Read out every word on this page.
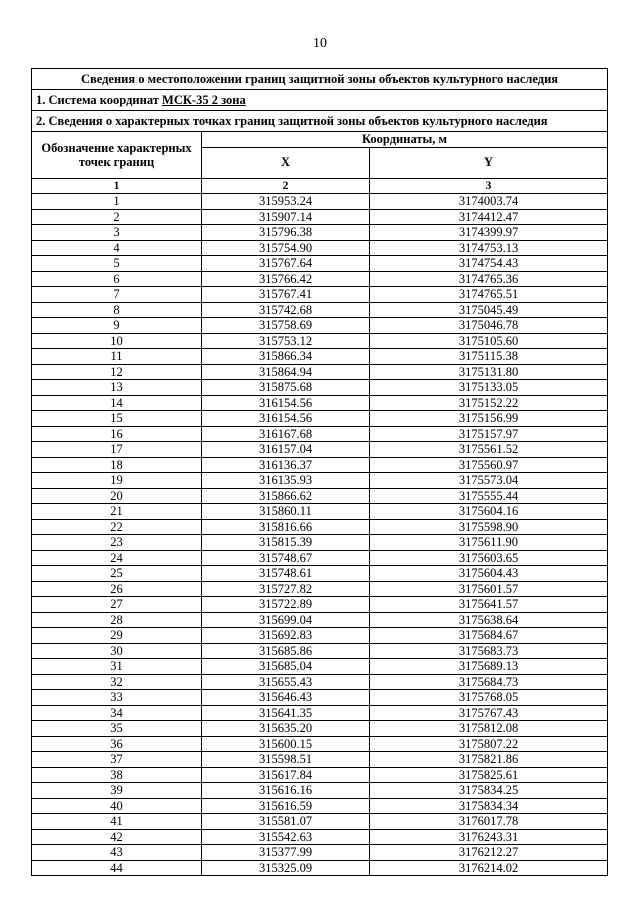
10
Сведения о местоположении границ защитной зоны объектов культурного наследия		
1. Система координат МСК-35 2 зона		
2. Сведения о характерных точках границ защитной зоны объектов культурного наследия		
Обозначение характерных точек границ	Координаты, м	
	X	Y
1	2	3
1	315953.24	3174003.74
2	315907.14	3174412.47
3	315796.38	3174399.97
4	315754.90	3174753.13
5	315767.64	3174754.43
6	315766.42	3174765.36
7	315767.41	3174765.51
8	315742.68	3175045.49
9	315758.69	3175046.78
10	315753.12	3175105.60
11	315866.34	3175115.38
12	315864.94	3175131.80
13	315875.68	3175133.05
14	316154.56	3175152.22
15	316154.56	3175156.99
16	316167.68	3175157.97
17	316157.04	3175561.52
18	316136.37	3175560.97
19	316135.93	3175573.04
20	315866.62	3175555.44
21	315860.11	3175604.16
22	315816.66	3175598.90
23	315815.39	3175611.90
24	315748.67	3175603.65
25	315748.61	3175604.43
26	315727.82	3175601.57
27	315722.89	3175641.57
28	315699.04	3175638.64
29	315692.83	3175684.67
30	315685.86	3175683.73
31	315685.04	3175689.13
32	315655.43	3175684.73
33	315646.43	3175768.05
34	315641.35	3175767.43
35	315635.20	3175812.08
36	315600.15	3175807.22
37	315598.51	3175821.86
38	315617.84	3175825.61
39	315616.16	3175834.25
40	315616.59	3175834.34
41	315581.07	3176017.78
42	315542.63	3176243.31
43	315377.99	3176212.27
44	315325.09	3176214.02
